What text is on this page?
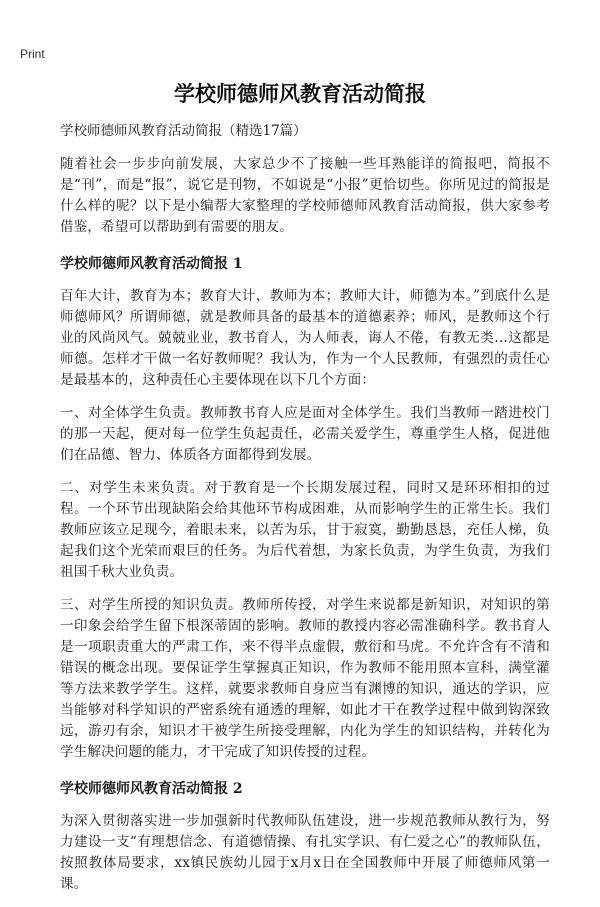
Print
学校师德师风教育活动简报
学校师德师风教育活动简报（精选17篇）

随着社会一步步向前发展，大家总少不了接触一些耳熟能详的简报吧，简报不是“刊”，而是“报”，说它是刊物，不如说是“小报”更恰切些。你所见过的简报是什么样的呢？以下是小编帮大家整理的学校师德师风教育活动简报，供大家参考借鉴，希望可以帮助到有需要的朋友。

学校师德师风教育活动简报 1

百年大计，教育为本；教育大计，教师为本；教师大计，师德为本。”到底什么是师德师风？所谓师德，就是教师具备的最基本的道德素养；师风，是教师这个行业的风尚风气。兢兢业业，教书育人，为人师表，诲人不倦，有教无类…这都是师德。怎样才干做一名好教师呢？我认为，作为一个人民教师，有强烈的责任心是最基本的，这种责任心主要体现在以下几个方面：

一、对全体学生负责。教师教书育人应是面对全体学生。我们当教师一踏进校门的那一天起，便对每一位学生负起责任，必需关爱学生，尊重学生人格，促进他们在品德、智力、体质各方面都得到发展。

二、对学生未来负责。对于教育是一个长期发展过程，同时又是环环相扣的过程。一个环节出现缺陷会给其他环节构成困难，从而影响学生的正常生长。我们教师应该立足现今，着眼未来，以苦为乐，甘于寂寞，勤勤恳恳，充任人梯，负起我们这个光荣而艰巨的任务。为后代着想，为家长负责，为学生负责，为我们祖国千秋大业负责。

三、对学生所授的知识负责。教师所传授，对学生来说都是新知识，对知识的第一印象会给学生留下根深蒂固的影响。教师的教授内容必需准确科学。教书育人是一项职责重大的严肃工作，来不得半点虚假，敷衍和马虎。不允许含有不清和错误的概念出现。要保证学生掌握真正知识，作为教师不能用照本宣科，满堂灌等方法来教学学生。这样，就要求教师自身应当有渊博的知识，通达的学识，应当能够对科学知识的严密系统有通透的理解，如此才干在教学过程中做到钩深致远，游刃有余，知识才干被学生所接受理解，内化为学生的知识结构，并转化为学生解决问题的能力，才干完成了知识传授的过程。

学校师德师风教育活动简报 2

为深入贯彻落实进一步加强新时代教师队伍建设，进一步规范教师从教行为，努力建设一支“有理想信念、有道德情操、有扎实学识、有仁爱之心”的教师队伍，按照教体局要求，xx镇民族幼儿园于x月x日在全国教师中开展了师德师风第一课。
